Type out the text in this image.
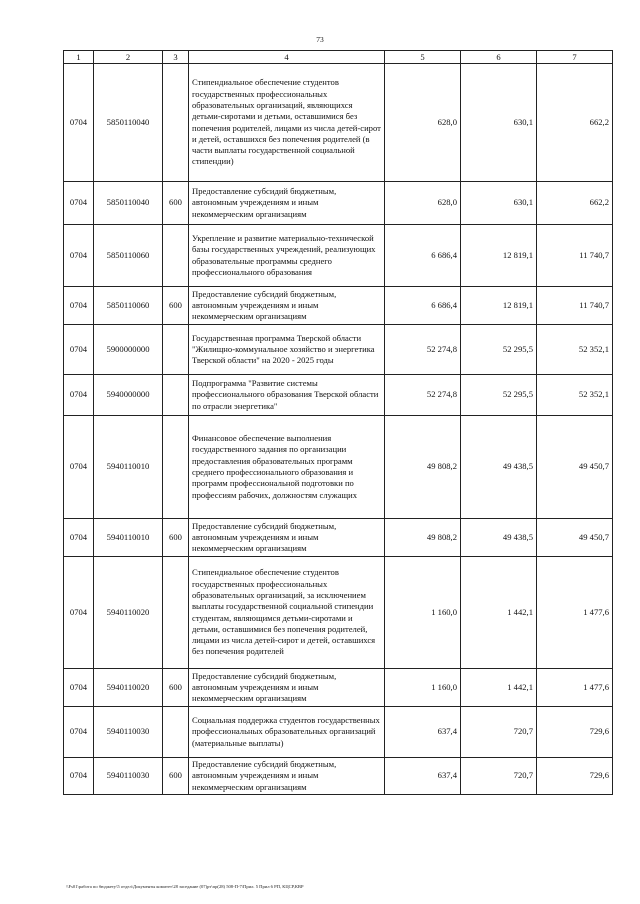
73
1	2	3	4	5	6	7
0704	5850110040		Стипендиальное обеспечение студентов государственных профессиональных образовательных организаций, являющихся детьми-сиротами и детьми, оставшимися без попечения родителей, лицами из числа детей-сирот и детей, оставшихся без попечения родителей (в части выплаты государственной социальной стипендии)	628,0	630,1	662,2
0704	5850110040	600	Предоставление субсидий бюджетным, автономным учреждениям и иным некоммерческим организациям	628,0	630,1	662,2
0704	5850110060		Укрепление и развитие материально-технической базы государственных учреждений, реализующих образовательные программы среднего профессионального образования	6 686,4	12 819,1	11 740,7
0704	5850110060	600	Предоставление субсидий бюджетным, автономным учреждениям и иным некоммерческим организациям	6 686,4	12 819,1	11 740,7
0704	5900000000		Государственная программа Тверской области "Жилищно-коммунальное хозяйство и энергетика Тверской области" на 2020 - 2025 годы	52 274,8	52 295,5	52 352,1
0704	5940000000		Подпрограмма "Развитие системы профессионального образования Тверской области по отрасли энергетика"	52 274,8	52 295,5	52 352,1
0704	5940110010		Финансовое обеспечение выполнения государственного задания по организации предоставления образовательных программ среднего профессионального образования и программ профессиональной подготовки по профессиям рабочих, должностям служащих	49 808,2	49 438,5	49 450,7
0704	5940110010	600	Предоставление субсидий бюджетным, автономным учреждениям и иным некоммерческим организациям	49 808,2	49 438,5	49 450,7
0704	5940110020		Стипендиальное обеспечение студентов государственных профессиональных образовательных организаций, за исключением выплаты государственной социальной стипендии студентам, являющимся детьми-сиротами и детьми, оставшимися без попечения родителей, лицами из числа детей-сирот и детей, оставшихся без попечения родителей	1 160,0	1 442,1	1 477,6
0704	5940110020	600	Предоставление субсидий бюджетным, автономным учреждениям и иным некоммерческим организациям	1 160,0	1 442,1	1 477,6
0704	5940110030		Социальная поддержка студентов государственных профессиональных образовательных организаций (материальные выплаты)	637,4	720,7	729,6
0704	5940110030	600	Предоставление субсидий бюджетным, автономным учреждениям и иным некоммерческим организациям	637,4	720,7	729,6
\\Fs01\работа по бюджету\5 отдел\Документы комитет\28 заседание (07)рт\пр(28) 508-П-7\Прил. 5 Прил 6 РП, КЦСР,КВР
